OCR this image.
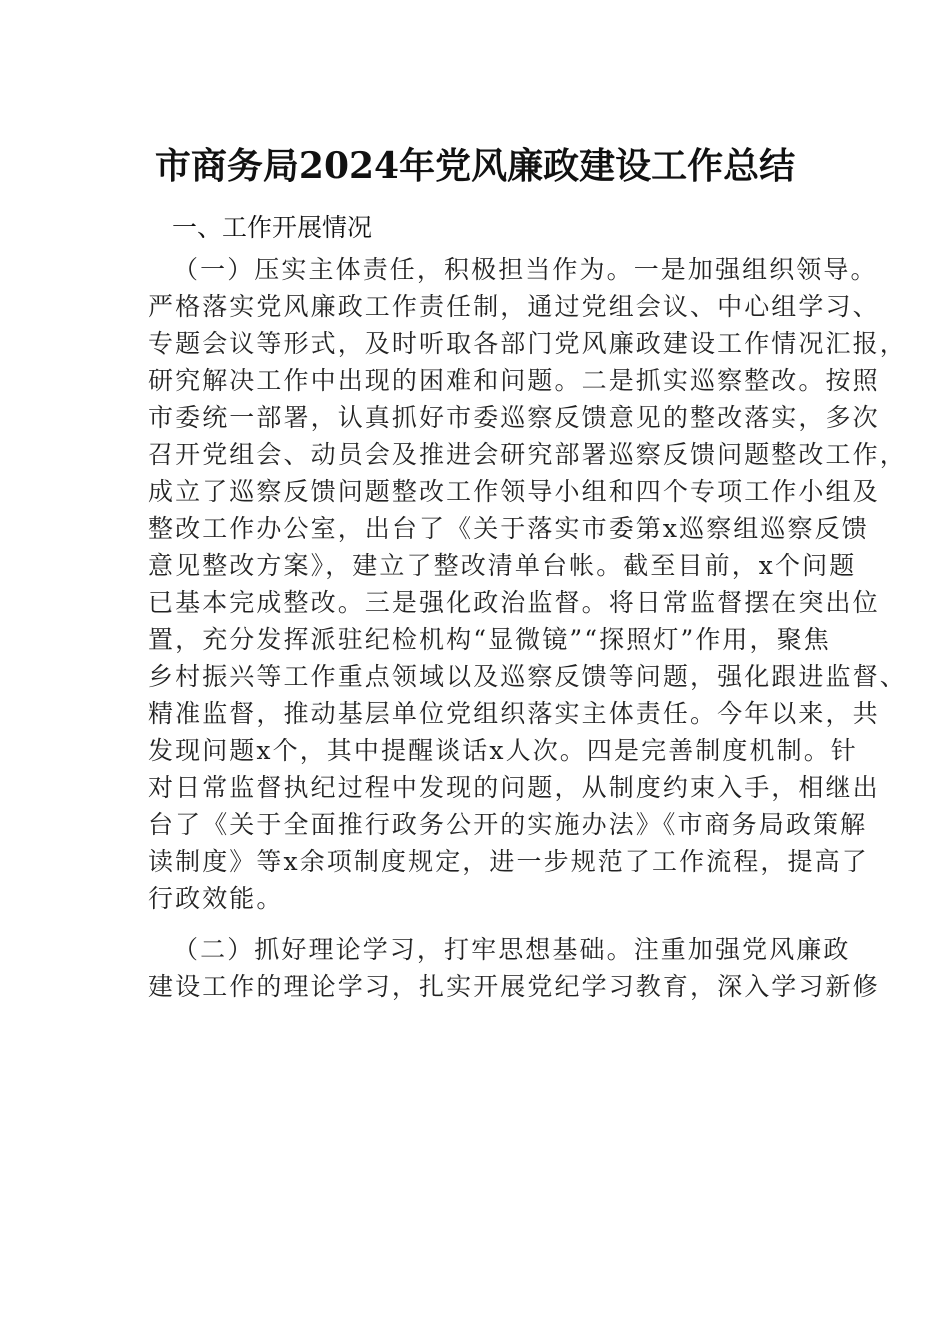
市商务局2024年党风廉政建设工作总结
一、工作开展情况
（一）压实主体责任，积极担当作为。一是加强组织领导。
严格落实党风廉政工作责任制，通过党组会议、中心组学习、
专题会议等形式，及时听取各部门党风廉政建设工作情况汇报，
研究解决工作中出现的困难和问题。二是抓实巡察整改。按照
市委统一部署，认真抓好市委巡察反馈意见的整改落实，多次
召开党组会、动员会及推进会研究部署巡察反馈问题整改工作，
成立了巡察反馈问题整改工作领导小组和四个专项工作小组及
整改工作办公室，出台了《关于落实市委第x巡察组巡察反馈
意见整改方案》，建立了整改清单台帐。截至目前，x个问题
已基本完成整改。三是强化政治监督。将日常监督摆在突出位
置，充分发挥派驻纪检机构“显微镜”“探照灯”作用，聚焦
乡村振兴等工作重点领域以及巡察反馈等问题，强化跟进监督、
精准监督，推动基层单位党组织落实主体责任。今年以来，共
发现问题x个，其中提醒谈话x人次。四是完善制度机制。针
对日常监督执纪过程中发现的问题，从制度约束入手，相继出
台了《关于全面推行政务公开的实施办法》《市商务局政策解
读制度》等x余项制度规定，进一步规范了工作流程，提高了
行政效能。
（二）抓好理论学习，打牢思想基础。注重加强党风廉政
建设工作的理论学习，扎实开展党纪学习教育，深入学习新修
